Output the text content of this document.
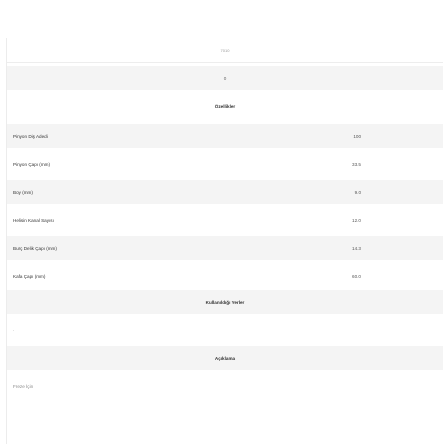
7010
0
Özellikler
Pinyon Diş Adedi	100
Pinyon Çapı (mm)	33.5
Boy (mm)	9.0
Helisin Kanal Sayısı	12.0
Burç Delik Çapı (mm)	14.3
Kafa Çapı (mm)	60.0
Kullanıldığı Yerler
·
Açıklama
Freze İçin
